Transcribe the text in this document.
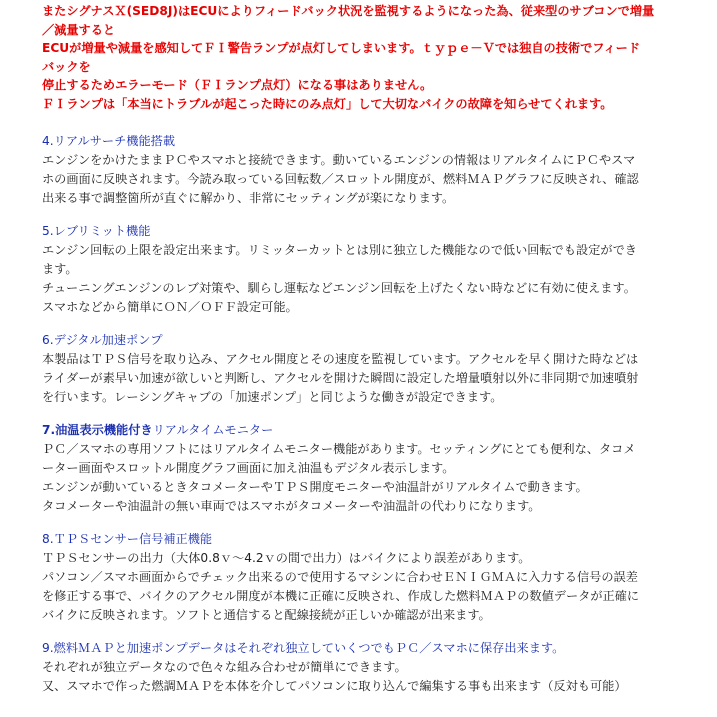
またシグナスＸ(SED8J)はECUによりフィードバック状況を監視するようになった為、従来型のサブコンで増量
／減量すると
ECUが増量や減量を感知してＦＩ警告ランプが点灯してしまいます。ｔｙｐｅ－Ｖでは独自の技術でフィード
バックを
停止するためエラーモード（ＦＩランプ点灯）になる事はありません。
ＦＩランプは「本当にトラブルが起こった時にのみ点灯」して大切なバイクの故障を知らせてくれます。
4.リアルサーチ機能搭載
エンジンをかけたままＰＣやスマホと接続できます。動いているエンジンの情報はリアルタイムにＰＣやスマ
ホの画面に反映されます。今読み取っている回転数／スロットル開度が、燃料ＭＡＰグラフに反映され、確認
出来る事で調整箇所が直ぐに解かり、非常にセッティングが楽になります。
5.レブリミット機能
エンジン回転の上限を設定出来ます。リミッターカットとは別に独立した機能なので低い回転でも設定ができ
ます。
チューニングエンジンのレブ対策や、馴らし運転などエンジン回転を上げたくない時などに有効に使えます。
スマホなどから簡単にＯＮ／ＯＦＦ設定可能。
6.デジタル加速ポンプ
本製品はＴＰＳ信号を取り込み、アクセル開度とその速度を監視しています。アクセルを早く開けた時などは
ライダーが素早い加速が欲しいと判断し、アクセルを開けた瞬間に設定した増量噴射以外に非同期で加速噴射
を行います。レーシングキャブの「加速ポンプ」と同じような働きが設定できます。
7.油温表示機能付きリアルタイムモニター
ＰＣ／スマホの専用ソフトにはリアルタイムモニター機能があります。セッティングにとても便利な、タコメ
ーター画面やスロットル開度グラフ画面に加え油温もデジタル表示します。
エンジンが動いているときタコメーターやＴＰＳ開度モニターや油温計がリアルタイムで動きます。
タコメーターや油温計の無い車両ではスマホがタコメーターや油温計の代わりになります。
8.ＴＰＳセンサー信号補正機能
ＴＰＳセンサーの出力（大体0.8ｖ～4.2ｖの間で出力）はバイクにより誤差があります。
パソコン／スマホ画面からでチェック出来るので使用するマシンに合わせＥＮＩＧＭＡに入力する信号の誤差
を修正する事で、バイクのアクセル開度が本機に正確に反映され、作成した燃料ＭＡＰの数値データが正確に
バイクに反映されます。ソフトと通信すると配線接続が正しいか確認が出来ます。
9.燃料ＭＡＰと加速ポンプデータはそれぞれ独立していくつでもＰＣ／スマホに保存出来ます。
それぞれが独立データなので色々な組み合わせが簡単にできます。
又、スマホで作った燃調ＭＡＰを本体を介してパソコンに取り込んで編集する事も出来ます（反対も可能）
